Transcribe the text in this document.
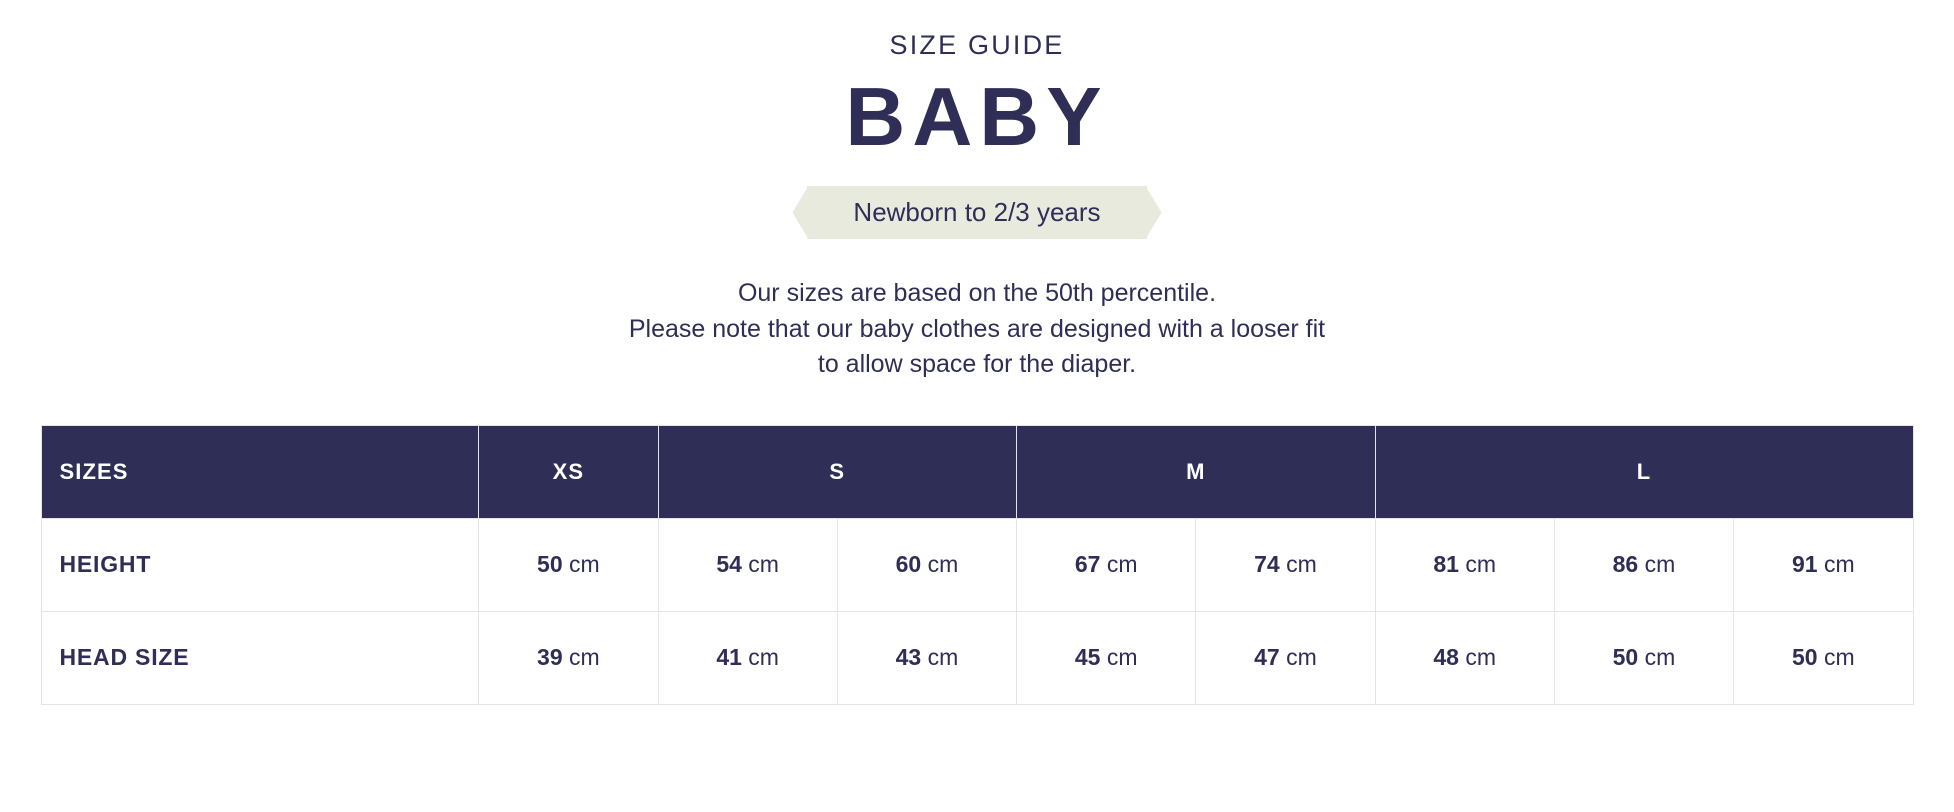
SIZE GUIDE
BABY
Newborn to 2/3 years
Our sizes are based on the 50th percentile.
Please note that our baby clothes are designed with a looser fit
to allow space for the diaper.
SIZES	XS	S		M		L		
HEIGHT	50 cm	54 cm	60 cm	67 cm	74 cm	81 cm	86 cm	91 cm
HEAD SIZE	39 cm	41 cm	43 cm	45 cm	47 cm	48 cm	50 cm	50 cm
